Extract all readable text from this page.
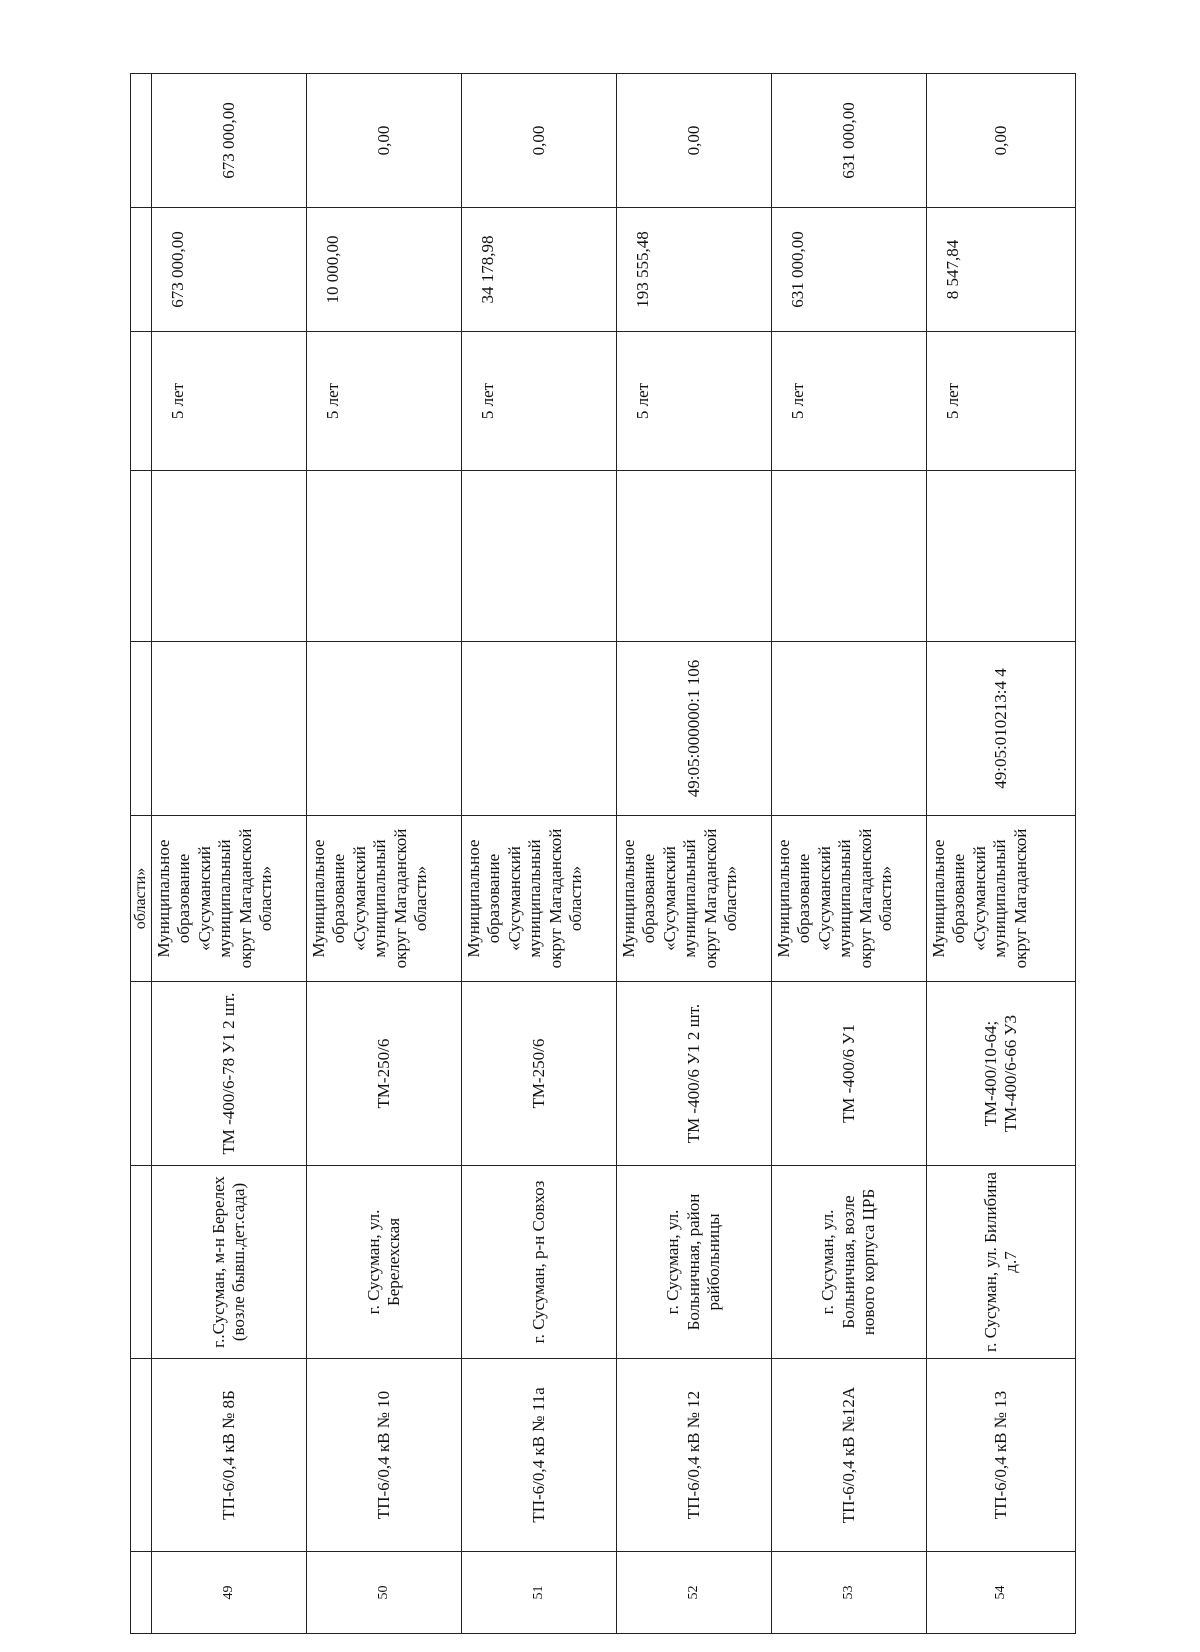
				области»					
49	ТП-6/0,4 кВ № 8Б	г..Сусуман, м-н Берелех (возле бывш.дет.сада)	ТМ -400/6-78 У1 2 шт.	Муниципальное образование «Сусуманский муниципальный округ Магаданской области»			5 лет	673 000,00	673 000,00
50	ТП-6/0,4 кВ № 10	г. Сусуман, ул. Берелехская	ТМ-250/6	Муниципальное образование «Сусуманский муниципальный округ Магаданской области»			5 лет	10 000,00	0,00
51	ТП-6/0,4 кВ № 11а	г. Сусуман, р-н Совхоз	ТМ-250/6	Муниципальное образование «Сусуманский муниципальный округ Магаданской области»			5 лет	34 178,98	0,00
52	ТП-6/0,4 кВ № 12	г. Сусуман, ул. Больничная, район райбольницы	ТМ -400/6 У1 2 шт.	Муниципальное образование «Сусуманский муниципальный округ Магаданской области»	49:05:000000:1 106		5 лет	193 555,48	0,00
53	ТП-6/0,4 кВ №12А	г. Сусуман, ул. Больничная, возле нового корпуса ЦРБ	ТМ -400/6 У1	Муниципальное образование «Сусуманский муниципальный округ Магаданской области»			5 лет	631 000,00	631 000,00
54	ТП-6/0,4 кВ № 13	г. Сусуман, ул. Билибина д.7	ТМ-400/10-64; ТМ-400/6-66 У3	Муниципальное образование «Сусуманский муниципальный округ Магаданской	49:05:010213:4 4		5 лет	8 547,84	0,00
